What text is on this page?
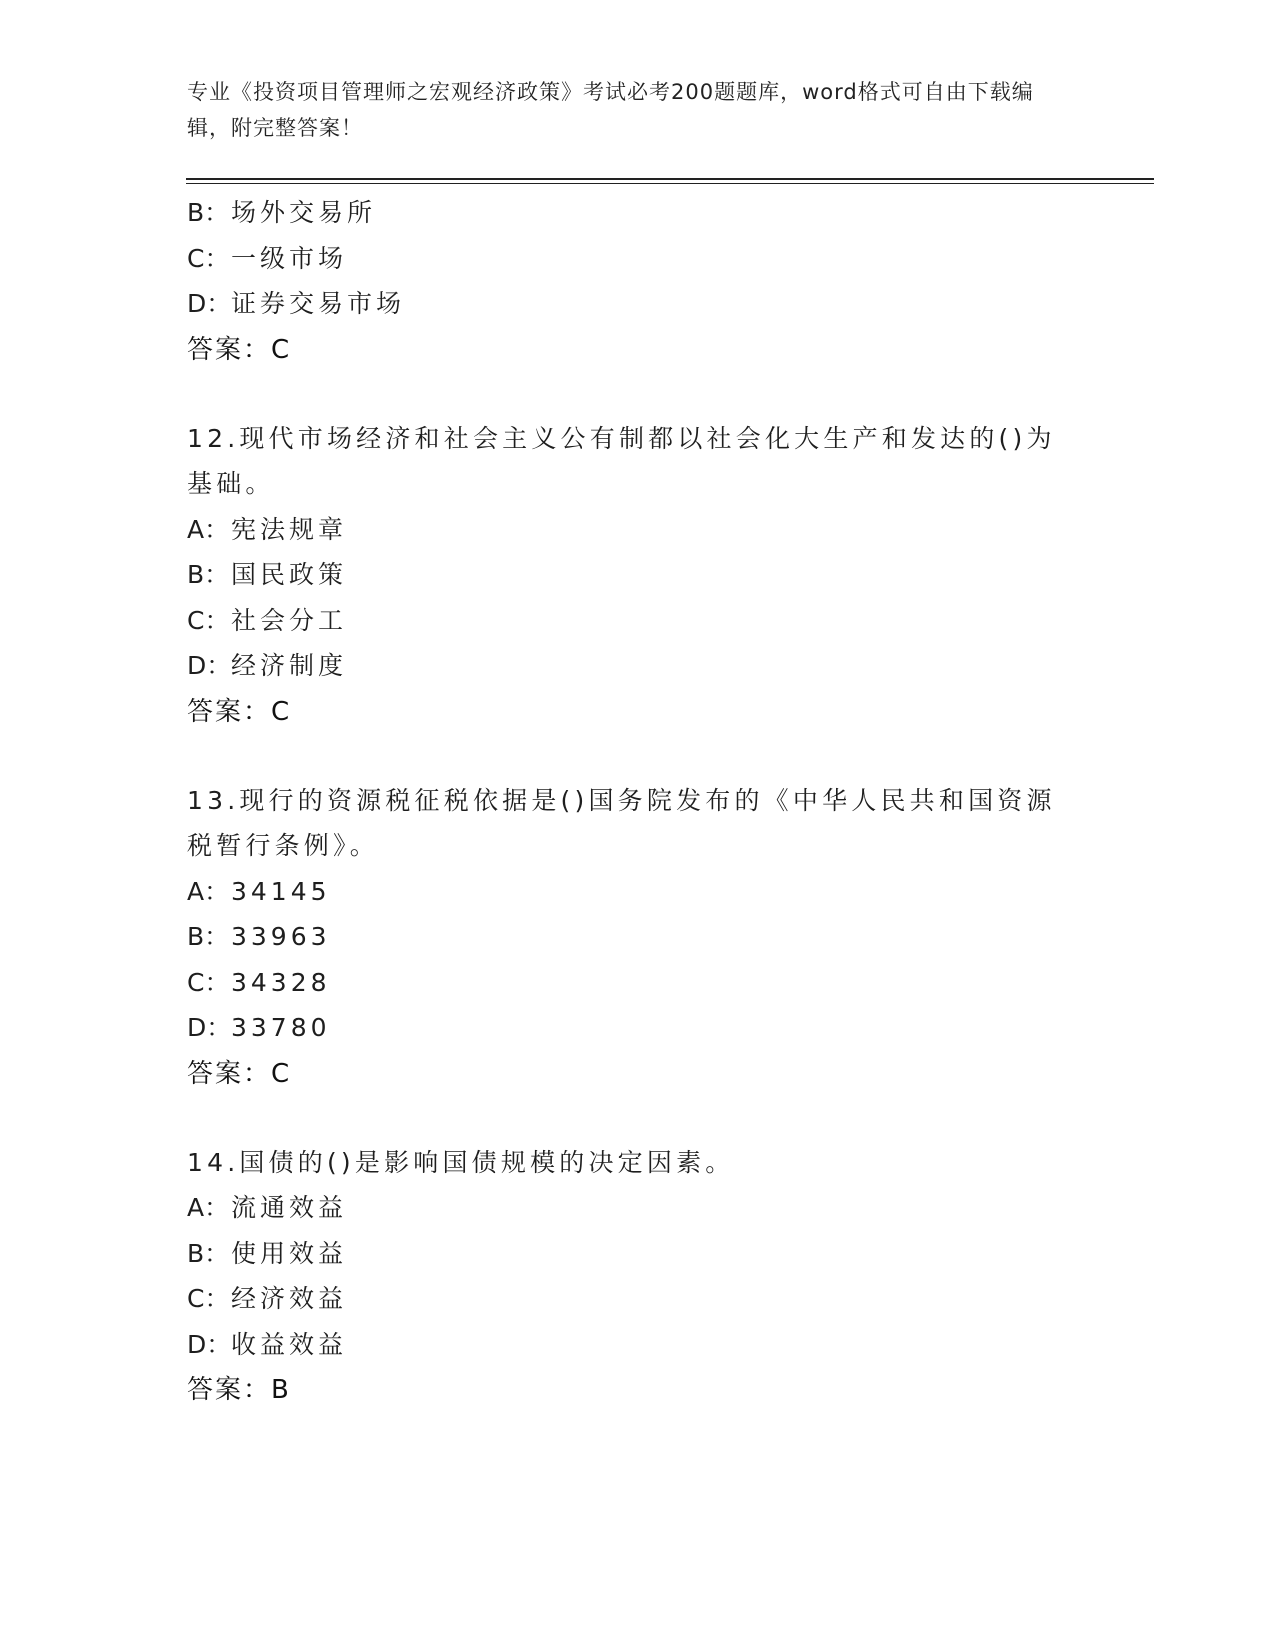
专业《投资项目管理师之宏观经济政策》考试必考200题题库，word格式可自由下载编辑，附完整答案！
B：场外交易所
C：一级市场
D：证券交易市场
答案：C
12.现代市场经济和社会主义公有制都以社会化大生产和发达的()为基础。
A：宪法规章
B：国民政策
C：社会分工
D：经济制度
答案：C
13.现行的资源税征税依据是()国务院发布的《中华人民共和国资源税暂行条例》。
A：34145
B：33963
C：34328
D：33780
答案：C
14.国债的()是影响国债规模的决定因素。
A：流通效益
B：使用效益
C：经济效益
D：收益效益
答案：B
